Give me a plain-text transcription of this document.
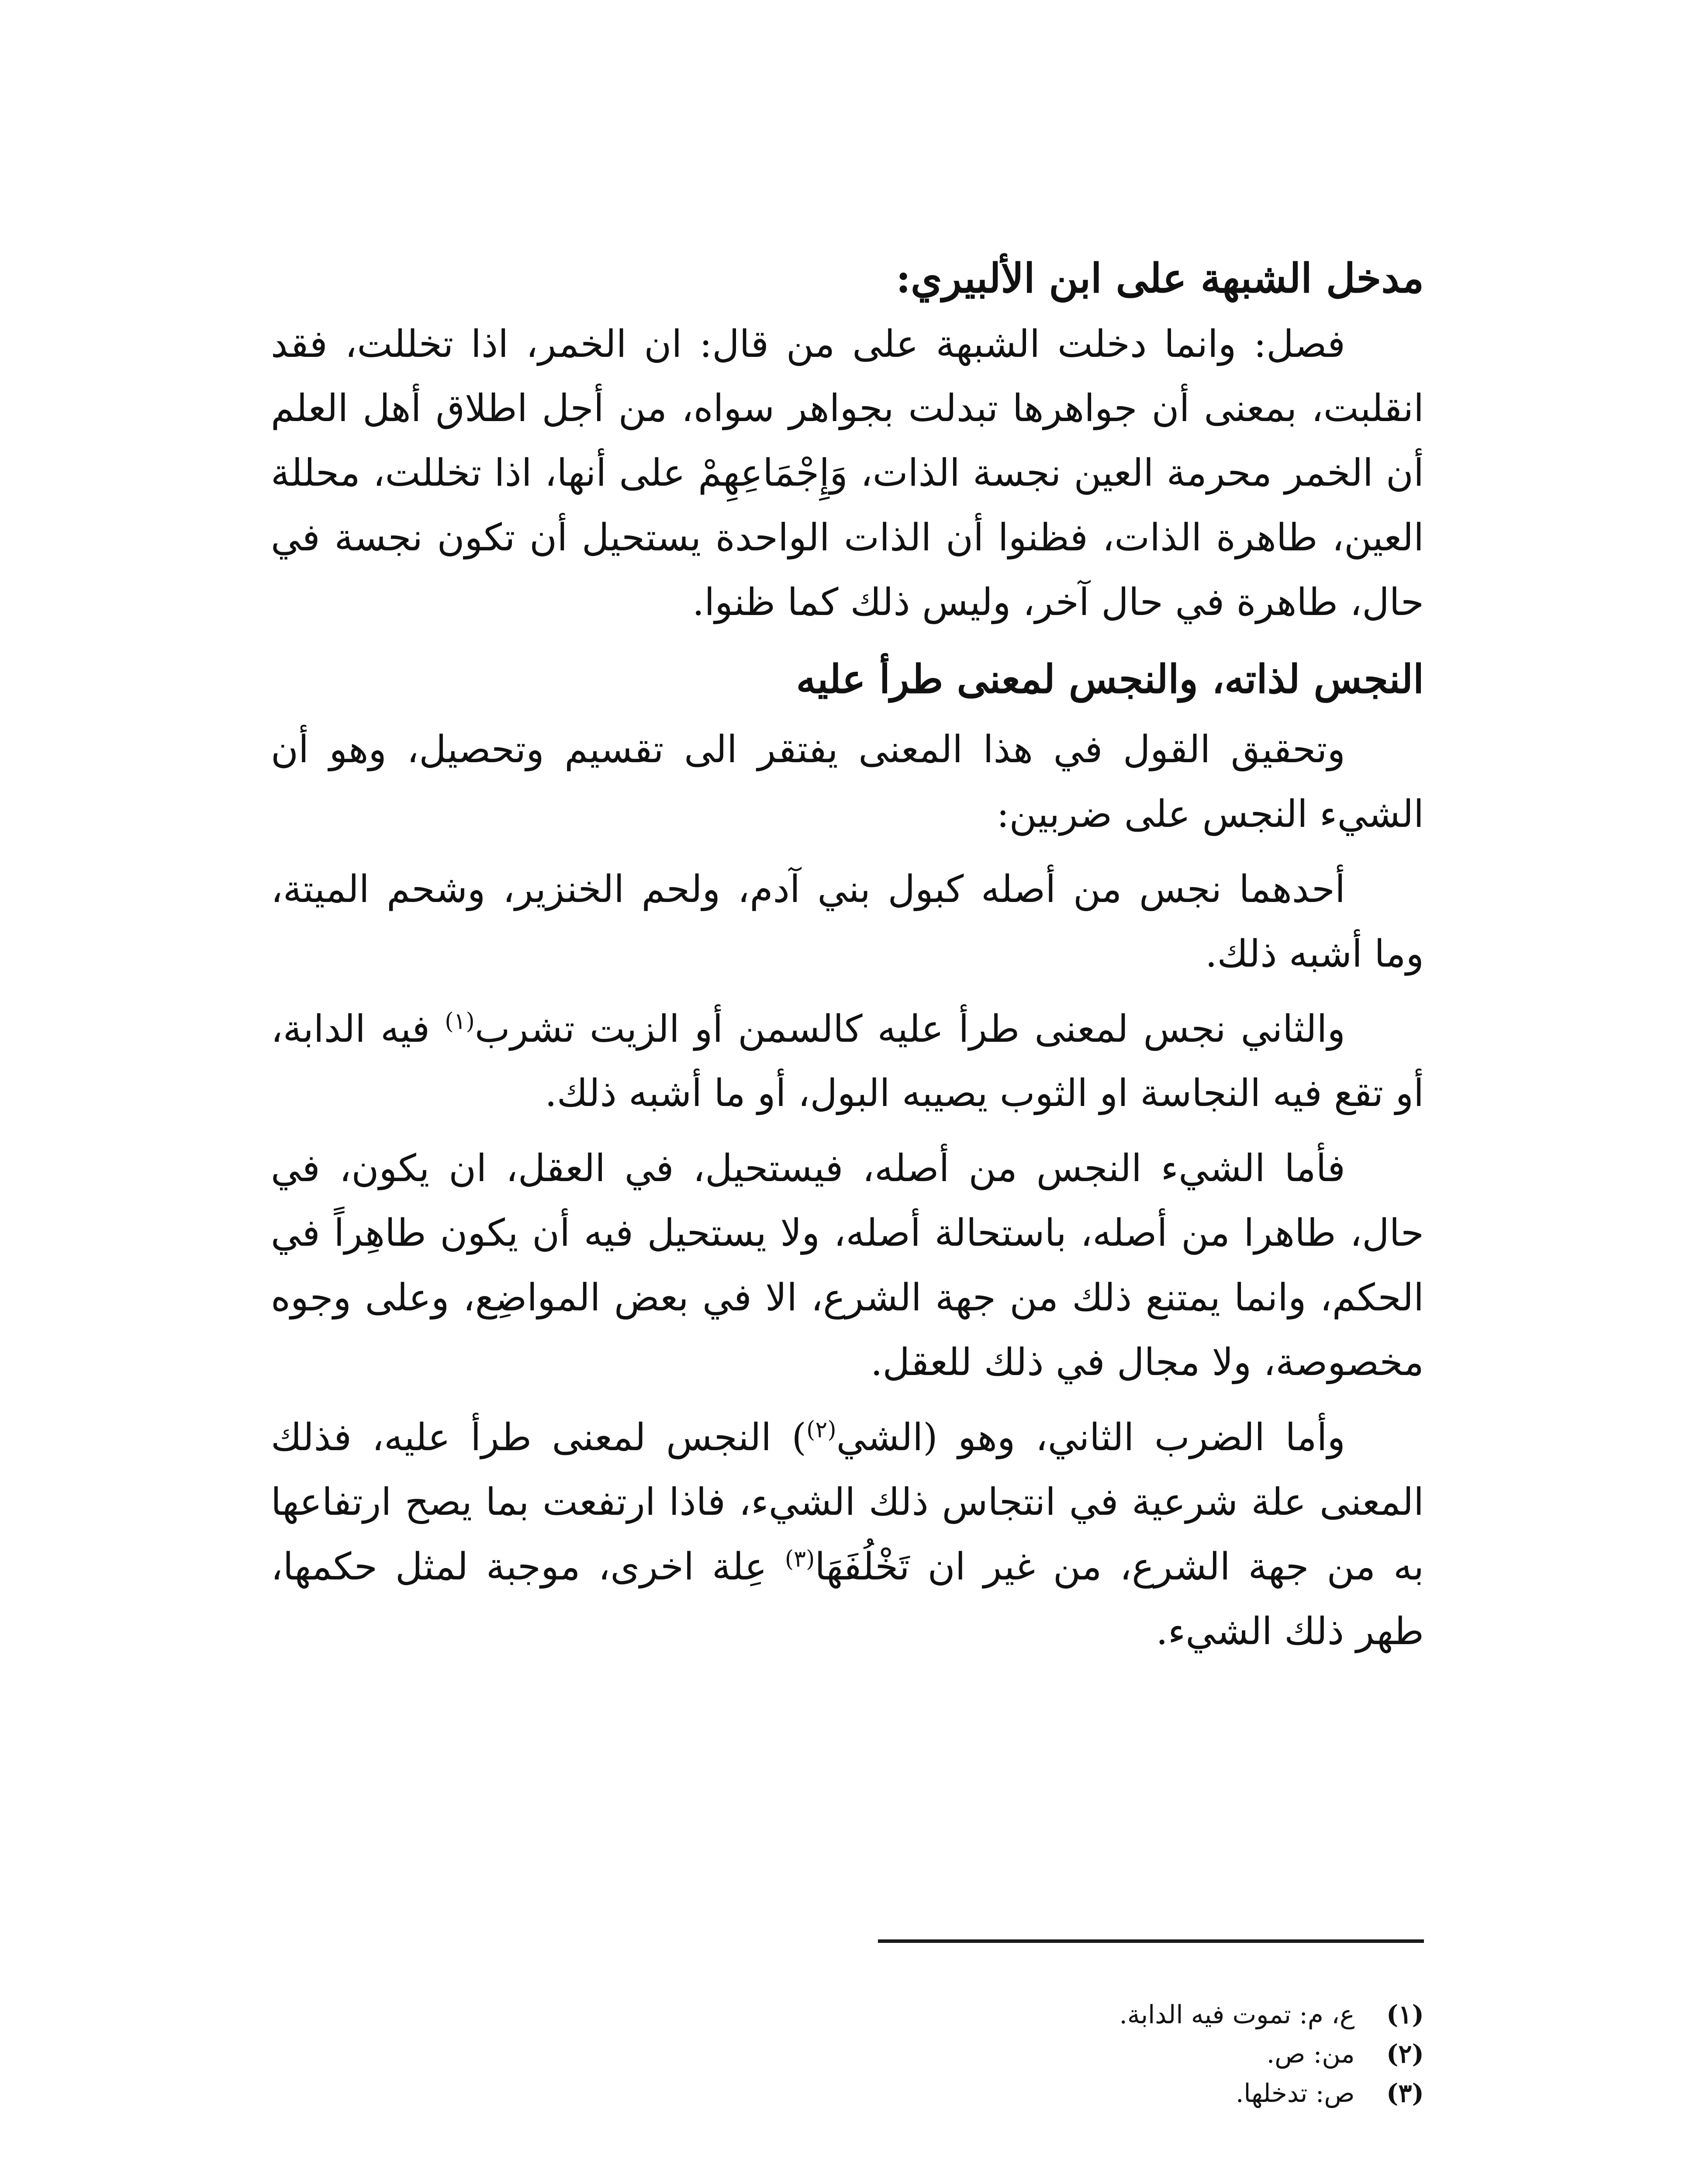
مدخل الشبهة على ابن الألبيري:

فصل: وانما دخلت الشبهة على من قال: ان الخمر، اذا تخللت، فقد انقلبت، بمعنى أن جواهرها تبدلت بجواهر سواه، من أجل اطلاق أهل العلم أن الخمر محرمة العين نجسة الذات، وَإِجْمَاعِهِمْ على أنها، اذا تخللت، محللة العين، طاهرة الذات، فظنوا أن الذات الواحدة يستحيل أن تكون نجسة في حال، طاهرة في حال آخر، وليس ذلك كما ظنوا.

النجس لذاته، والنجس لمعنى طرأ عليه

وتحقيق القول في هذا المعنى يفتقر الى تقسيم وتحصيل، وهو أن الشيء النجس على ضربين:

أحدهما نجس من أصله كبول بني آدم، ولحم الخنزير، وشحم الميتة، وما أشبه ذلك.

والثاني نجس لمعنى طرأ عليه كالسمن أو الزيت تشرب$^{(١)}$ فيه الدابة، أو تقع فيه النجاسة او الثوب يصيبه البول، أو ما أشبه ذلك.

فأما الشيء النجس من أصله، فيستحيل، في العقل، ان يكون، في حال، طاهرا من أصله، باستحالة أصله، ولا يستحيل فيه أن يكون طاهِراً في الحكم، وانما يمتنع ذلك من جهة الشرع، الا في بعض المواضِع، وعلى وجوه مخصوصة، ولا مجال في ذلك للعقل.

وأما الضرب الثاني، وهو (الشي$^{(٢)}$) النجس لمعنى طرأ عليه، فذلك المعنى علة شرعية في انتجاس ذلك الشيء، فاذا ارتفعت بما يصح ارتفاعها به من جهة الشرع، من غير ان تَخْلُفَهَا$^{(٣)}$ عِلة اخرى، موجبة لمثل حكمها، طهر ذلك الشيء.

(١) ع، م: تموت فيه الدابة.

(٢) من: ص.

(٣) ص: تدخلها.
